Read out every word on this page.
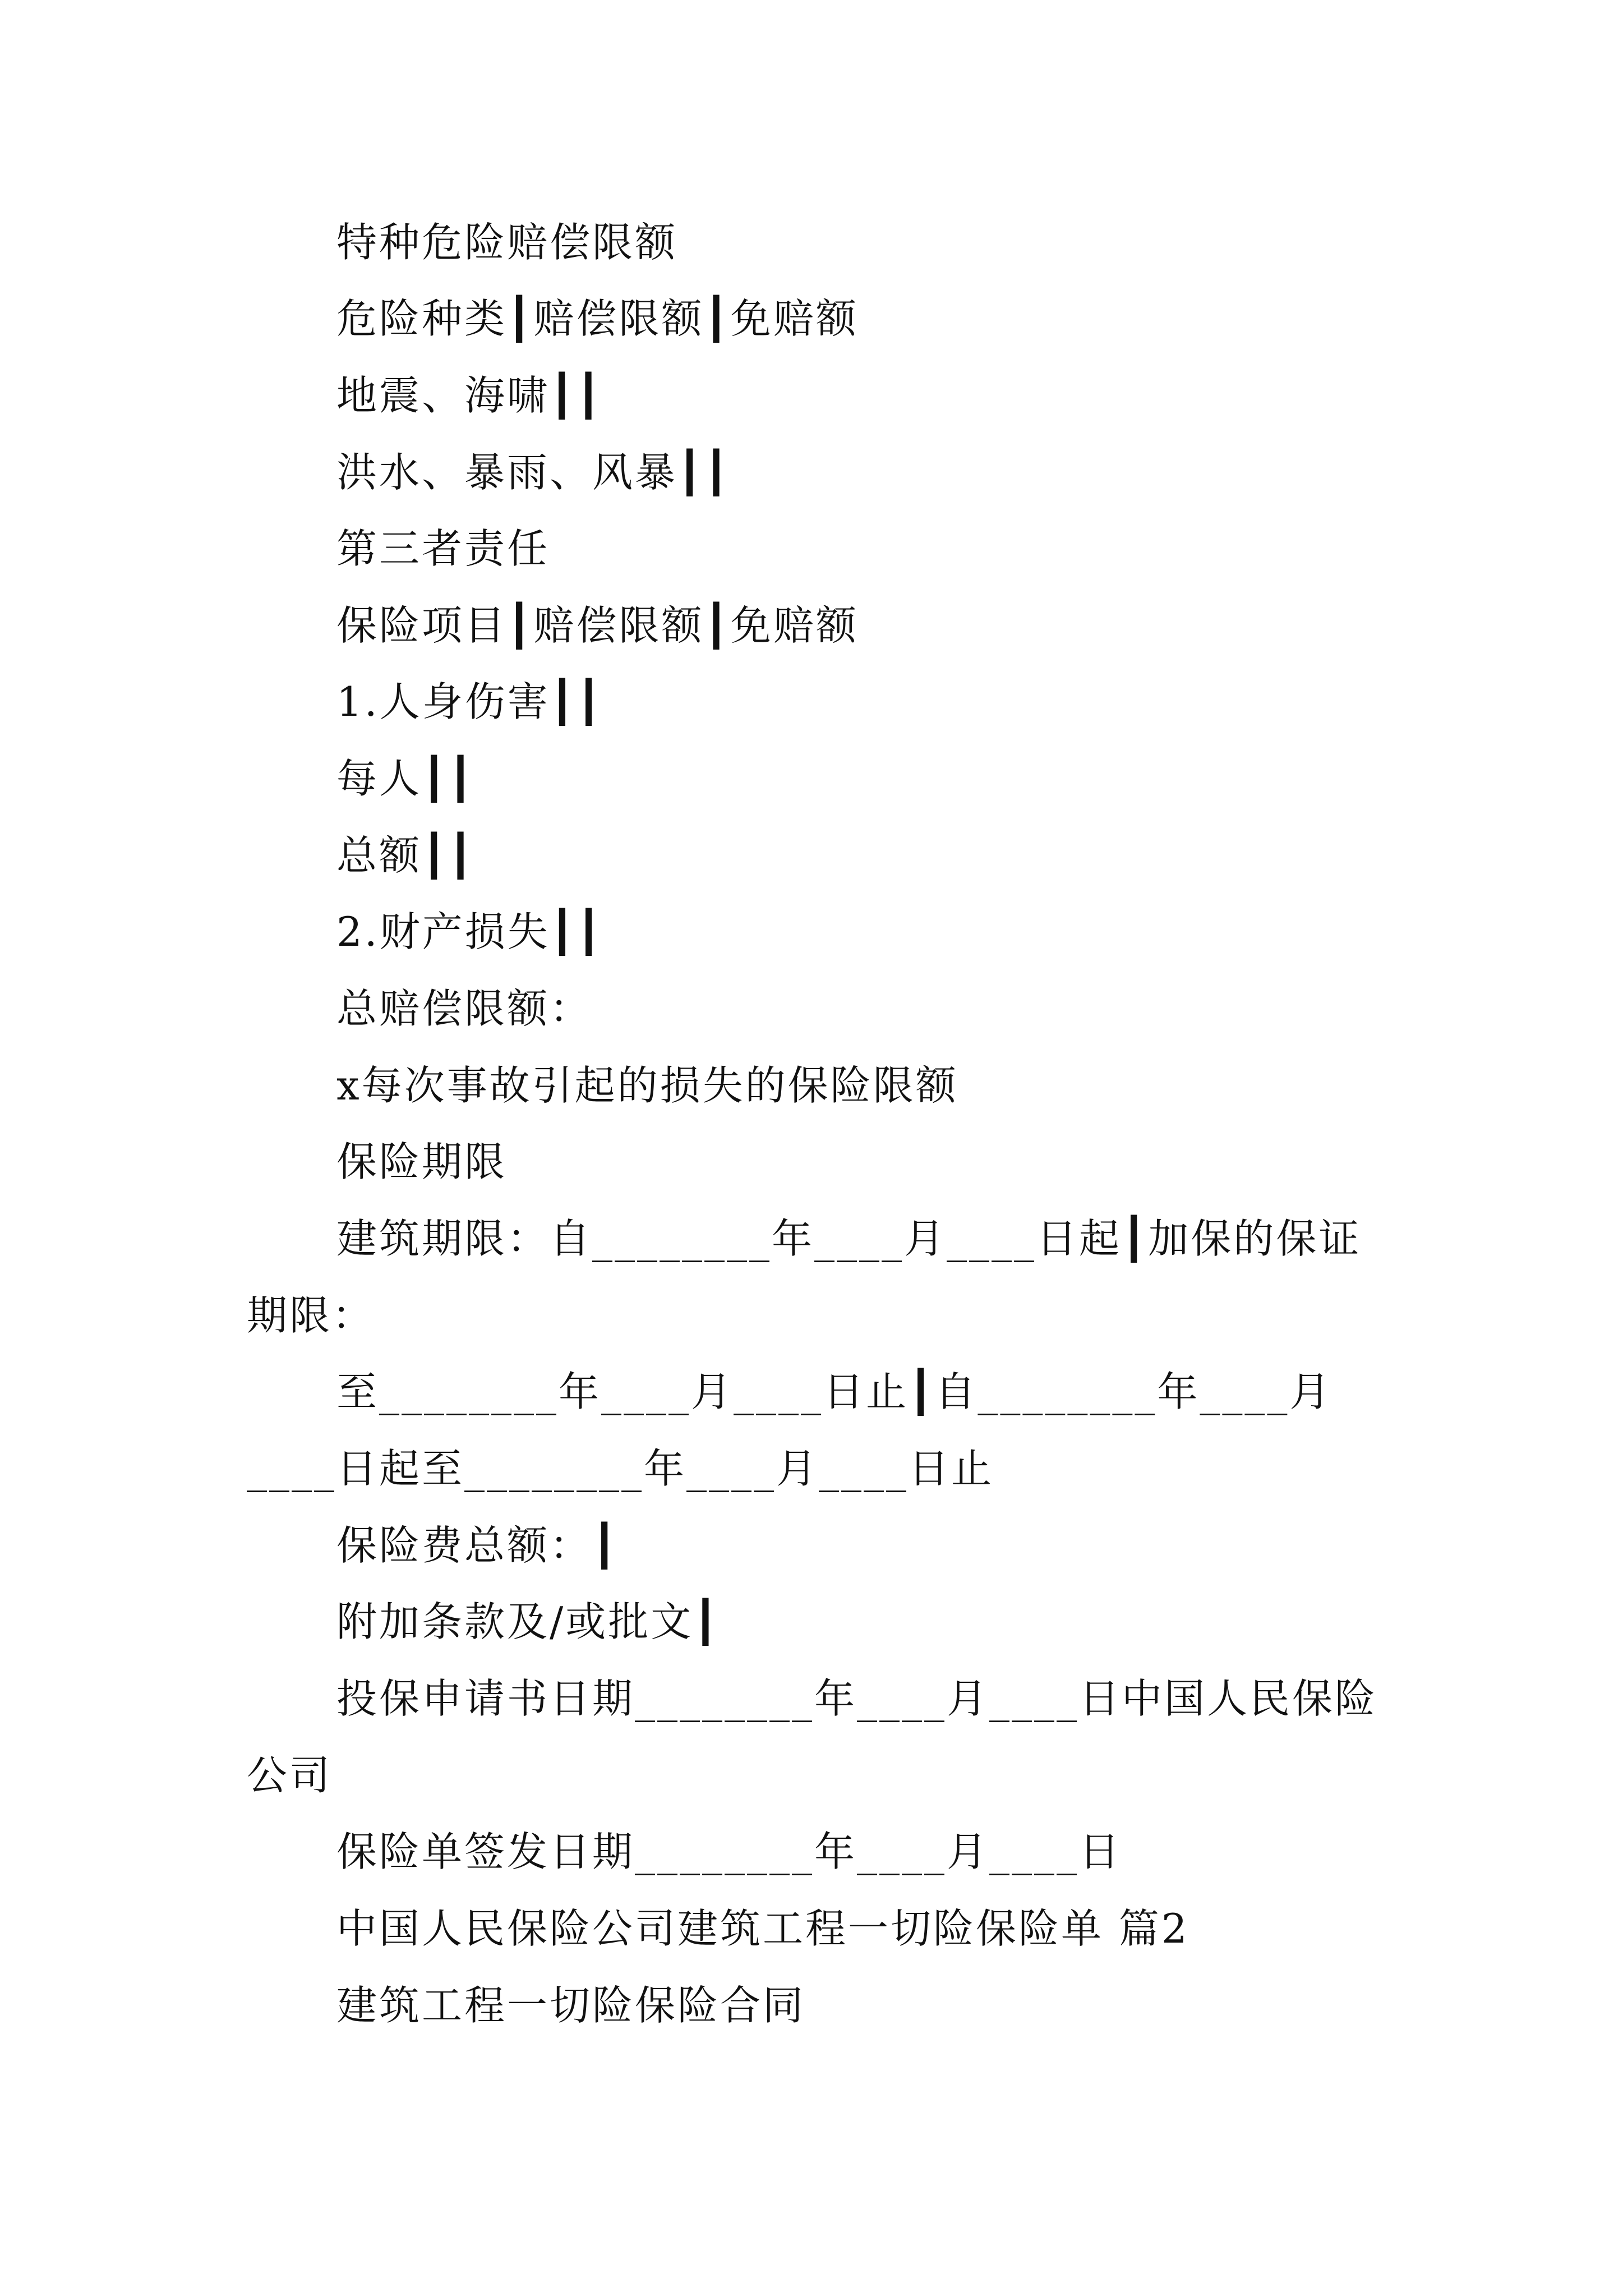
特种危险赔偿限额
危险种类┃赔偿限额┃免赔额
地震、海啸┃┃
洪水、暴雨、风暴┃┃
第三者责任
保险项目┃赔偿限额┃免赔额
1.人身伤害┃┃
每人┃┃
总额┃┃
2.财产损失┃┃
总赔偿限额：
x每次事故引起的损失的保险限额
保险期限
建筑期限：自________年____月____日起┃加保的保证
期限：
至________年____月____日止┃自________年____月
____日起至________年____月____日止
保险费总额：┃
附加条款及/或批文┃
投保申请书日期________年____月____日中国人民保险
公司
保险单签发日期________年____月____日
中国人民保险公司建筑工程一切险保险单 篇2
建筑工程一切险保险合同
